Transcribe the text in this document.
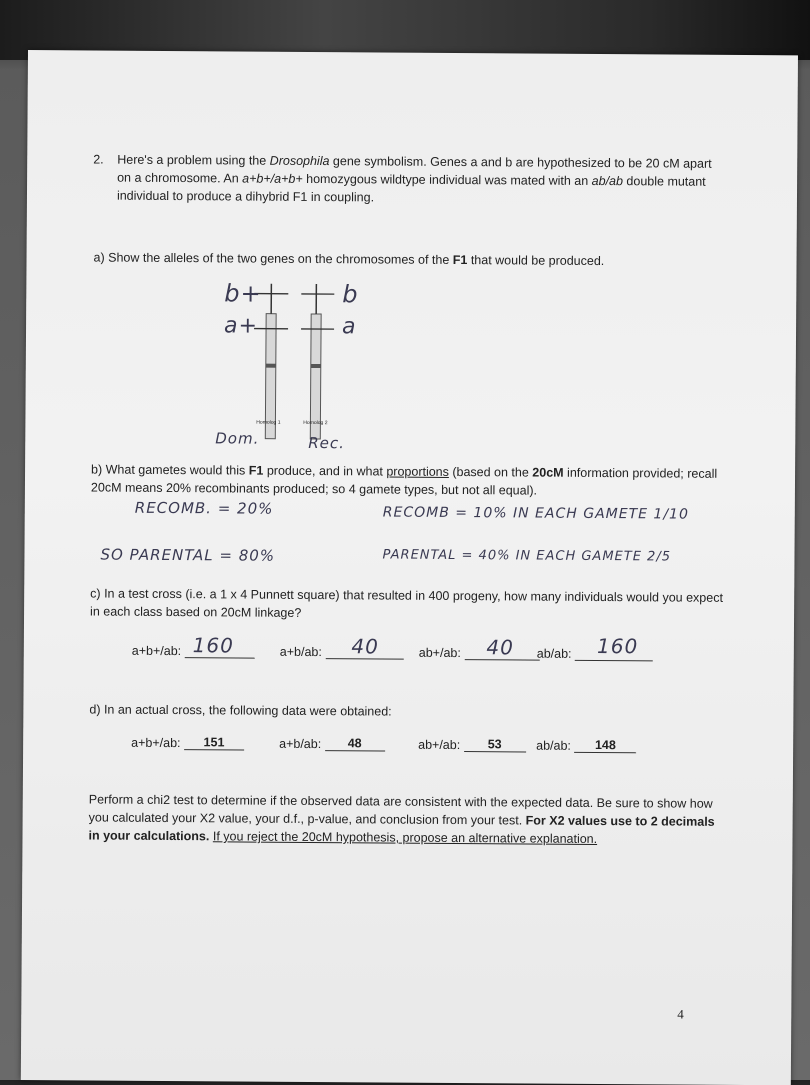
2. Here's a problem using the Drosophila gene symbolism. Genes a and b are hypothesized to be 20 cM apart on a chromosome. An a+b+/a+b+ homozygous wildtype individual was mated with an ab/ab double mutant individual to produce a dihybrid F1 in coupling.
a) Show the alleles of the two genes on the chromosomes of the F1 that would be produced.
b+
a+
b
a
Homolog 1	Homolog 2
Dom.	Rec.
b) What gametes would this F1 produce, and in what proportions (based on the 20cM information provided; recall 20cM means 20% recombinants produced; so 4 gamete types, but not all equal).
RECOMB. = 20%	RECOMB = 10% IN EACH GAMETE 1/10
SO PARENTAL = 80%	PARENTAL = 40% IN EACH GAMETE 2/5
c) In a test cross (i.e. a 1 x 4 Punnett square) that resulted in 400 progeny, how many individuals would you expect in each class based on 20cM linkage?
a+b+/ab: 160	a+b/ab: 40	ab+/ab: 40 ab/ab: 160
d) In an actual cross, the following data were obtained:
a+b+/ab: 151	a+b/ab: 48	ab+/ab: 53	ab/ab: 148
Perform a chi2 test to determine if the observed data are consistent with the expected data. Be sure to show how you calculated your X2 value, your d.f., p-value, and conclusion from your test. For X2 values use to 2 decimals in your calculations. If you reject the 20cM hypothesis, propose an alternative explanation.
4
